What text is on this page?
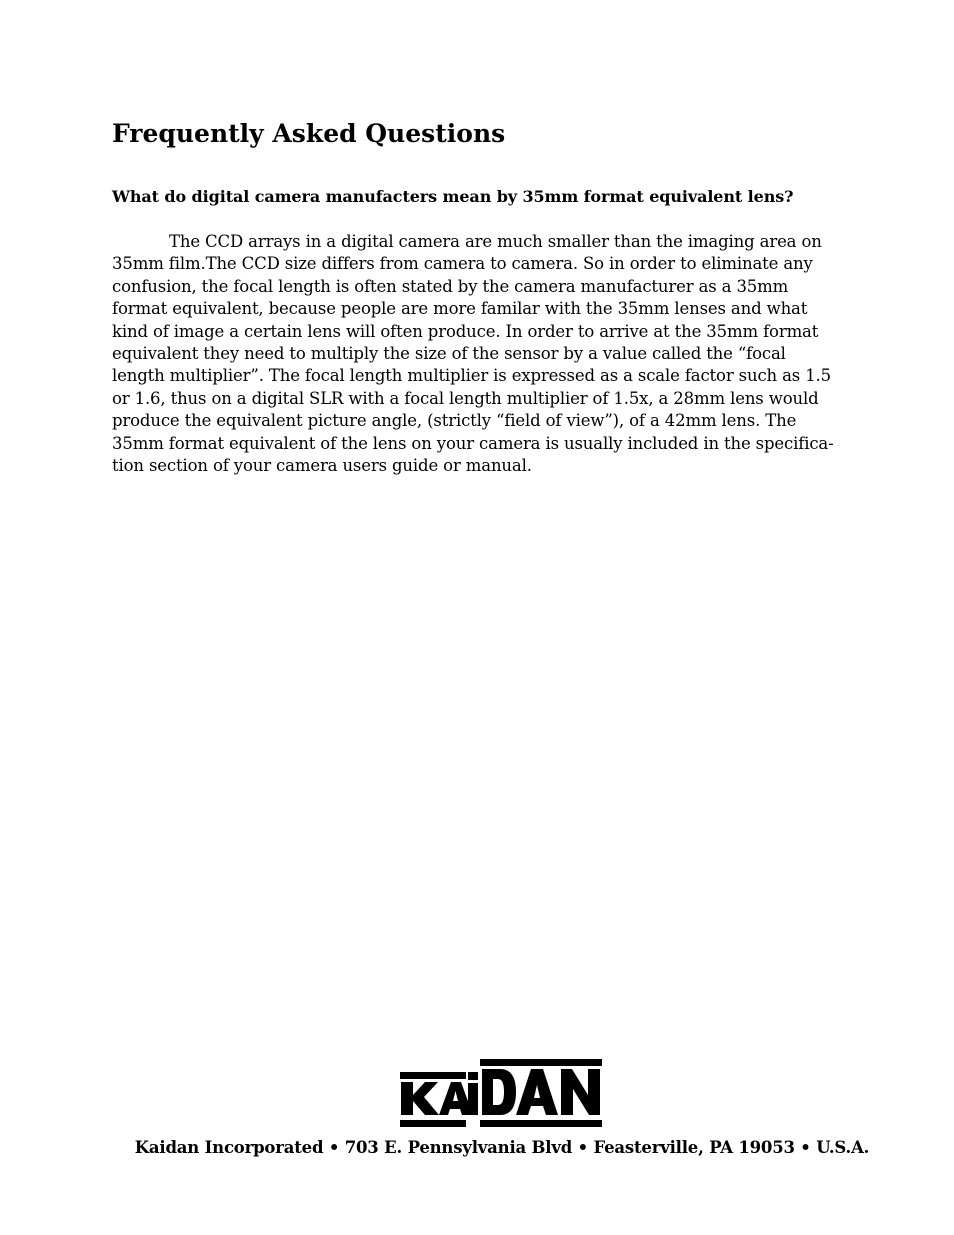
Frequently Asked Questions
What do digital camera manufacters mean by 35mm format equivalent lens?
The CCD arrays in a digital camera are much smaller than the imaging area on
35mm film.The CCD size differs from camera to camera. So in order to eliminate any
confusion, the focal length is often stated by the camera manufacturer as a 35mm
format equivalent, because people are more familar with the 35mm lenses and what
kind of image a certain lens will often produce. In order to arrive at the 35mm format
equivalent they need to multiply the size of the sensor by a value called the “focal
length multiplier”. The focal length multiplier is expressed as a scale factor such as 1.5
or 1.6, thus on a digital SLR with a focal length multiplier of 1.5x, a 28mm lens would
produce the equivalent picture angle, (strictly “field of view”), of a 42mm lens. The
35mm format equivalent of the lens on your camera is usually included in the specifica-
tion section of your camera users guide or manual.

Kaidan Incorporated • 703 E. Pennsylvania Blvd • Feasterville, PA 19053 • U.S.A.
